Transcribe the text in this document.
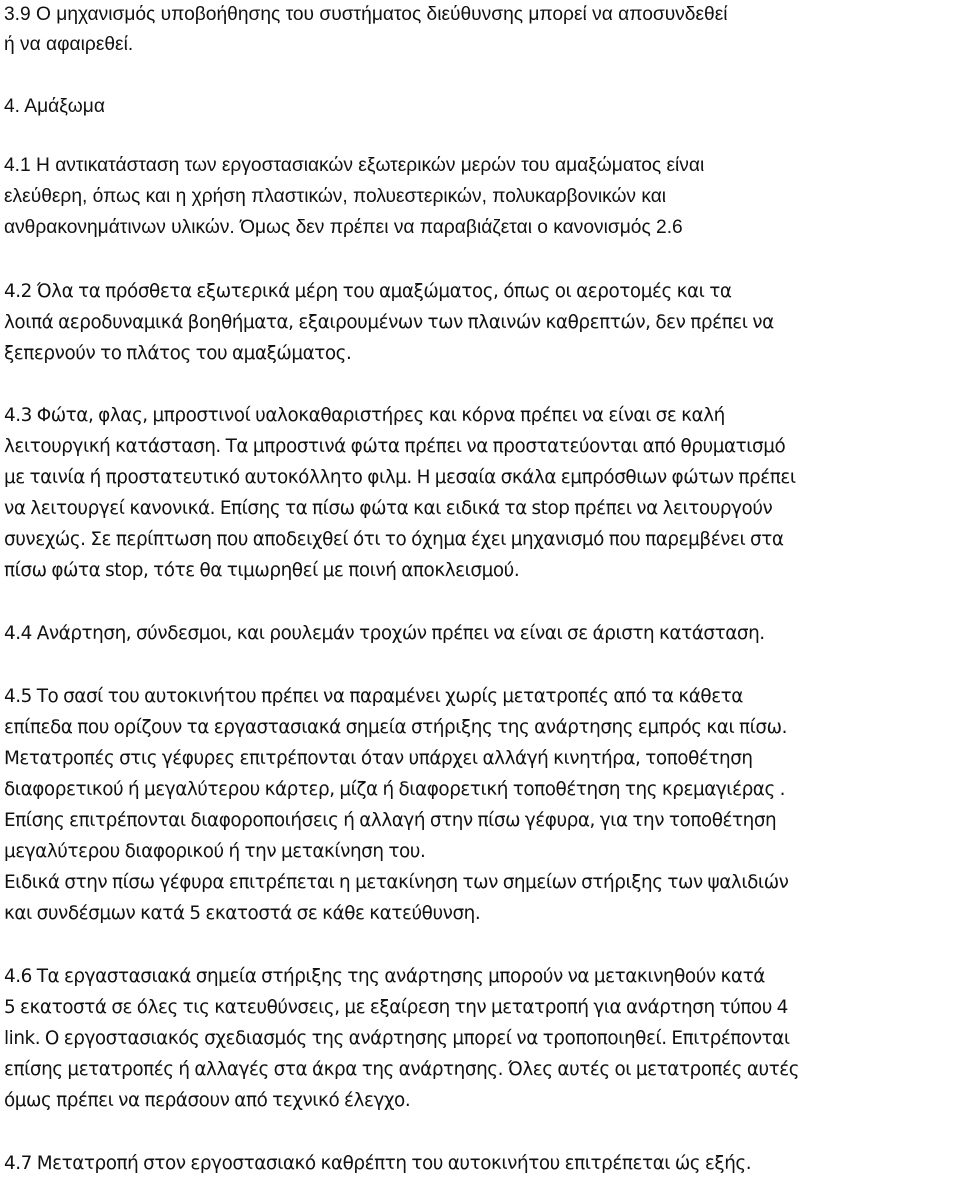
3.9 Ο μηχανισμός υποβοήθησης του συστήματος διεύθυνσης μπορεί να αποσυνδεθεί
ή να αφαιρεθεί.
4. Αμάξωμα
4.1 Η αντικατάσταση των εργοστασιακών εξωτερικών μερών του αμαξώματος είναι
ελεύθερη, όπως και η χρήση πλαστικών, πολυεστερικών, πολυκαρβονικών και
ανθρακονημάτινων υλικών. Όμως δεν πρέπει να παραβιάζεται ο κανονισμός 2.6
4.2 Όλα τα πρόσθετα εξωτερικά μέρη του αμαξώματος, όπως οι αεροτομές και τα
λοιπά αεροδυναμικά βοηθήματα, εξαιρουμένων των πλαινών καθρεπτών, δεν πρέπει να
ξεπερνούν το πλάτος του αμαξώματος.
4.3 Φώτα, φλας, μπροστινοί υαλοκαθαριστήρες και κόρνα πρέπει να είναι σε καλή
λειτουργική κατάσταση. Τα μπροστινά φώτα πρέπει να προστατεύονται από θρυματισμό
με ταινία ή προστατευτικό αυτοκόλλητο φιλμ. Η μεσαία σκάλα εμπρόσθιων φώτων πρέπει
να λειτουργεί κανονικά. Επίσης τα πίσω φώτα και ειδικά τα stop πρέπει να λειτουργούν
συνεχώς. Σε περίπτωση που αποδειχθεί ότι το όχημα έχει μηχανισμό που παρεμβένει στα
πίσω φώτα stop, τότε θα τιμωρηθεί με ποινή αποκλεισμού.
4.4 Ανάρτηση, σύνδεσμοι, και ρουλεμάν τροχών πρέπει να είναι σε άριστη κατάσταση.
4.5 Το σασί του αυτοκινήτου πρέπει να παραμένει χωρίς μετατροπές από τα κάθετα
επίπεδα που ορίζουν τα εργαστασιακά σημεία στήριξης της ανάρτησης εμπρός και πίσω.
Μετατροπές στις γέφυρες επιτρέπονται όταν υπάρχει αλλάγή κινητήρα, τοποθέτηση
διαφορετικού ή μεγαλύτερου κάρτερ, μίζα ή διαφορετική τοποθέτηση της κρεμαγιέρας .
Επίσης επιτρέπονται διαφοροποιήσεις ή αλλαγή στην πίσω γέφυρα, για την τοποθέτηση
μεγαλύτερου διαφορικού ή την μετακίνηση του.
Ειδικά στην πίσω γέφυρα επιτρέπεται η μετακίνηση των σημείων στήριξης των ψαλιδιών
και συνδέσμων κατά 5 εκατοστά σε κάθε κατεύθυνση.
4.6 Τα εργαστασιακά σημεία στήριξης της ανάρτησης μπορούν να μετακινηθούν κατά
5 εκατοστά σε όλες τις κατευθύνσεις, με εξαίρεση την μετατροπή για ανάρτηση τύπου 4
link. Ο εργοστασιακός σχεδιασμός της ανάρτησης μπορεί να τροποποιηθεί. Επιτρέπονται
επίσης μετατροπές ή αλλαγές στα άκρα της ανάρτησης. Όλες αυτές οι μετατροπές αυτές
όμως πρέπει να περάσουν από τεχνικό έλεγχο.
4.7 Μετατροπή στον εργοστασιακό καθρέπτη του αυτοκινήτου επιτρέπεται ώς εξής.
